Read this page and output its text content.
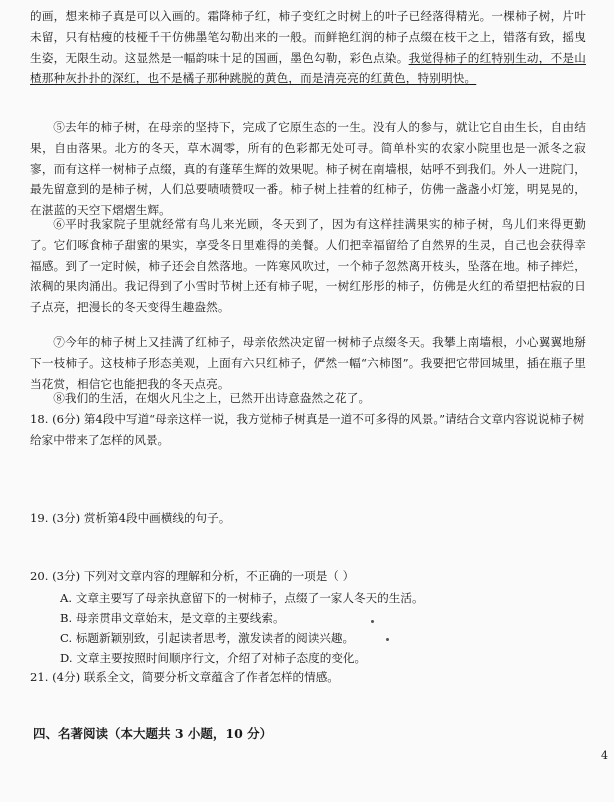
的画，想来柿子真是可以入画的。霜降柿子红，柿子变红之时树上的叶子已经落得精光。一棵柿子树，片叶未留，只有枯瘦的枝桠千干仿佛墨笔勾勒出来的一般。而鲜艳红润的柿子点缀在枝干之上，错落有致，摇曳生姿，无限生动。这显然是一幅韵味十足的国画，墨色勾勒，彩色点染。我觉得柿子的红特别生动，不是山楂那种灰扑扑的深红，也不是橘子那种跳脱的黄色，而是清亮亮的红黄色，特别明快。
⑤去年的柿子树，在母亲的坚持下，完成了它原生态的一生。没有人的参与，就让它自由生长，自由结果，自由落果。北方的冬天，草木凋零，所有的色彩都无处可寻。简单朴实的农家小院里也是一派冬之寂寥，而有这样一树柿子点缀，真的有蓬荜生辉的效果呢。柿子树在南墙根，姑呼不到我们。外人一进院门，最先留意到的是柿子树，人们总要啧啧赞叹一番。柿子树上挂着的红柿子，仿佛一盏盏小灯笼，明晃晃的，在湛蓝的天空下熠熠生辉。
⑥平时我家院子里就经常有鸟儿来光顾，冬天到了，因为有这样挂满果实的柿子树，鸟儿们来得更勤了。它们啄食柿子甜蜜的果实，享受冬日里难得的美餐。人们把幸福留给了自然界的生灵，自己也会获得幸福感。到了一定时候，柿子还会自然落地。一阵寒风吹过，一个柿子忽然离开枝头，坠落在地。柿子摔烂，浓稠的果肉涌出。我记得到了小雪时节树上还有柿子呢，一树红彤彤的柿子，仿佛是火红的希望把枯寂的日子点亮，把漫长的冬天变得生趣盎然。
⑦今年的柿子树上又挂满了红柿子，母亲依然决定留一树柿子点缀冬天。我攀上南墙根，小心翼翼地掰下一枝柿子。这枝柿子形态美观，上面有六只红柿子，俨然一幅“六柿图”。我要把它带回城里，插在瓶子里当花赏，相信它也能把我的冬天点亮。
⑧我们的生活，在烟火凡尘之上，已然开出诗意盎然之花了。
18. (6分) 第4段中写道“母亲这样一说，我方觉柿子树真是一道不可多得的风景。”请结合文章内容说说柿子树给家中带来了怎样的风景。
19. (3分) 赏析第4段中画横线的句子。
20. (3分) 下列对文章内容的理解和分析，不正确的一项是（ ）
A. 文章主要写了母亲执意留下的一树柿子，点缀了一家人冬天的生活。
B. 母亲贯串文章始末，是文章的主要线索。
C. 标题新颖别致，引起读者思考，激发读者的阅读兴趣。
D. 文章主要按照时间顺序行文，介绍了对柿子态度的变化。
21. (4分) 联系全文，简要分析文章蕴含了作者怎样的情感。
四、名著阅读（本大题共 3 小题，10 分）
4
